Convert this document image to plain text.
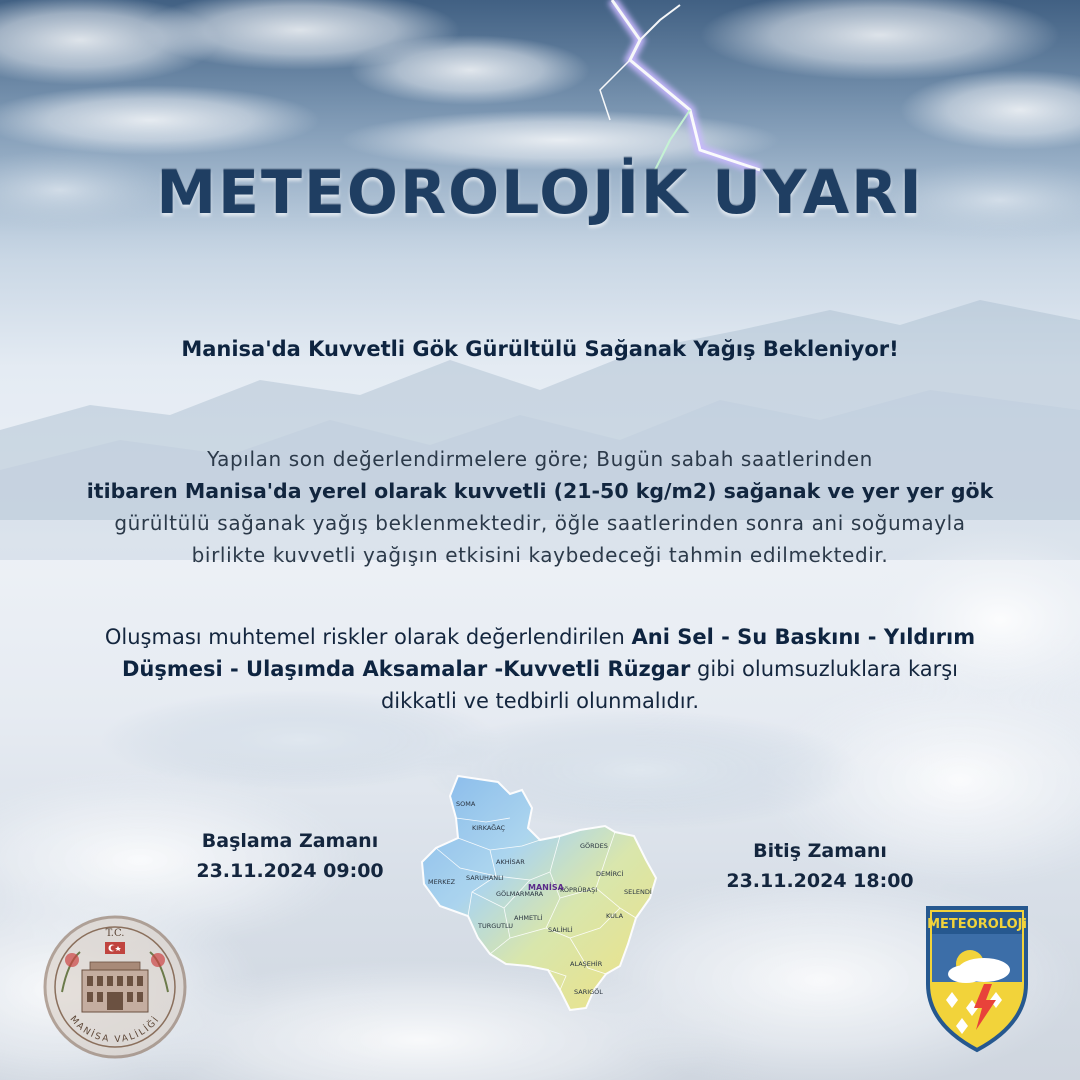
METEOROLOJİK UYARI
Manisa'da Kuvvetli Gök Gürültülü Sağanak Yağış Bekleniyor!
Yapılan son değerlendirmelere göre; Bugün sabah saatlerinden
itibaren Manisa'da yerel olarak kuvvetli (21-50 kg/m2) sağanak ve yer yer gök
gürültülü sağanak yağış beklenmektedir, öğle saatlerinden sonra ani soğumayla
birlikte kuvvetli yağışın etkisini kaybedeceği tahmin edilmektedir.
Oluşması muhtemel riskler olarak değerlendirilen Ani Sel - Su Baskını - Yıldırım
Düşmesi - Ulaşımda Aksamalar -Kuvvetli Rüzgar gibi olumsuzluklara karşı
dikkatli ve tedbirli olunmalıdır.
Başlama Zamanı
23.11.2024 09:00
Bitiş Zamanı
23.11.2024 18:00
SOMA
KIRKAĞAÇ
AKHİSAR
GÖRDES
DEMİRCİ
SELENDİ
KÖPRÜBAŞI
KULA
MERKEZ SARUHANLI
GÖLMARMARA
TURGUTLU
AHMETLİ
SALİHLİ
ALAŞEHİR
SARIGÖL
MANİSA
T.C.
MANİSA VALİLİĞİ
METEOROLOJi
